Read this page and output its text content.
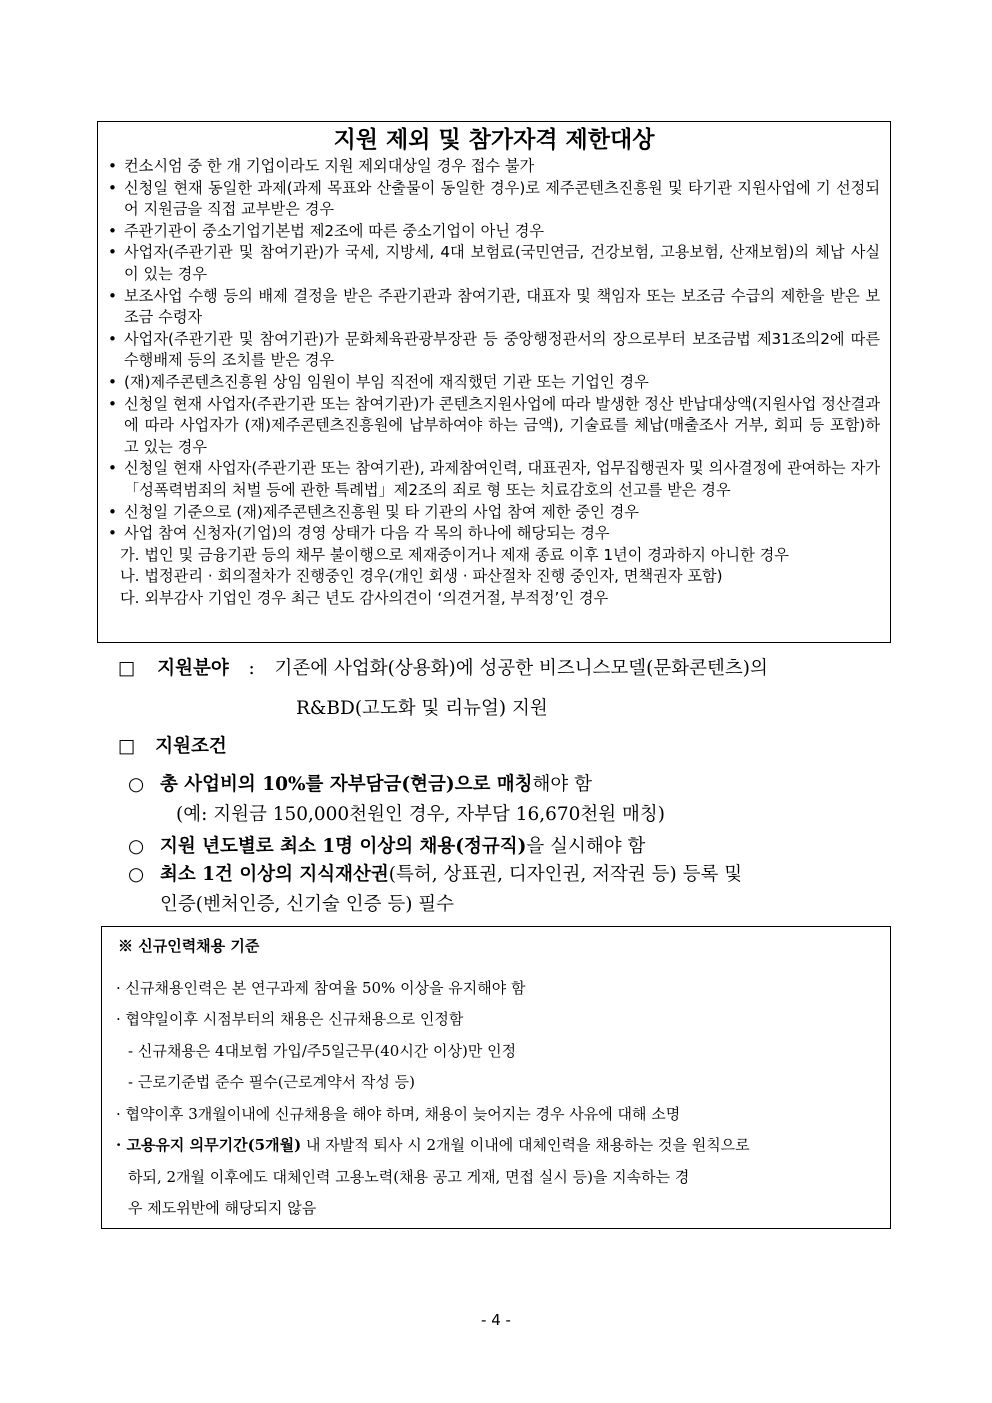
지원 제외 및 참가자격 제한대상
• 컨소시엄 중 한 개 기업이라도 지원 제외대상일 경우 접수 불가
• 신청일 현재 동일한 과제(과제 목표와 산출물이 동일한 경우)로 제주콘텐츠진흥원 및 타기관 지원사업에 기 선정되어 지원금을 직접 교부받은 경우
• 주관기관이 중소기업기본법 제2조에 따른 중소기업이 아닌 경우
• 사업자(주관기관 및 참여기관)가 국세, 지방세, 4대 보험료(국민연금, 건강보험, 고용보험, 산재보험)의 체납 사실이 있는 경우
• 보조사업 수행 등의 배제 결정을 받은 주관기관과 참여기관, 대표자 및 책임자 또는 보조금 수급의 제한을 받은 보조금 수령자
• 사업자(주관기관 및 참여기관)가 문화체육관광부장관 등 중앙행정관서의 장으로부터 보조금법 제31조의2에 따른 수행배제 등의 조치를 받은 경우
• (재)제주콘텐츠진흥원 상임 임원이 부임 직전에 재직했던 기관 또는 기업인 경우
• 신청일 현재 사업자(주관기관 또는 참여기관)가 콘텐츠지원사업에 따라 발생한 정산 반납대상액(지원사업 정산결과에 따라 사업자가 (재)제주콘텐츠진흥원에 납부하여야 하는 금액), 기술료를 체납(매출조사 거부, 회피 등 포함)하고 있는 경우
• 신청일 현재 사업자(주관기관 또는 참여기관), 과제참여인력, 대표권자, 업무집행권자 및 의사결정에 관여하는 자가 「성폭력범죄의 처벌 등에 관한 특례법」제2조의 죄로 형 또는 치료감호의 선고를 받은 경우
• 신청일 기준으로 (재)제주콘텐츠진흥원 및 타 기관의 사업 참여 제한 중인 경우
• 사업 참여 신청자(기업)의 경영 상태가 다음 각 목의 하나에 해당되는 경우
가. 법인 및 금융기관 등의 채무 불이행으로 제재중이거나 제재 종료 이후 1년이 경과하지 아니한 경우
나. 법정관리 · 회의절차가 진행중인 경우(개인 회생 · 파산절차 진행 중인자, 면책권자 포함)
다. 외부감사 기업인 경우 최근 년도 감사의견이 ‘의견거절, 부적정’인 경우
□ 지원분야 : 기존에 사업화(상용화)에 성공한 비즈니스모델(문화콘텐츠)의
R&BD(고도화 및 리뉴얼) 지원
□ 지원조건
○ 총 사업비의 10%를 자부담금(현금)으로 매칭해야 함
(예: 지원금 150,000천원인 경우, 자부담 16,670천원 매칭)
○ 지원 년도별로 최소 1명 이상의 채용(정규직)을 실시해야 함
○ 최소 1건 이상의 지식재산권(특허, 상표권, 디자인권, 저작권 등) 등록 및
인증(벤처인증, 신기술 인증 등) 필수
※ 신규인력채용 기준
· 신규채용인력은 본 연구과제 참여율 50% 이상을 유지해야 함
· 협약일이후 시점부터의 채용은 신규채용으로 인정함
- 신규채용은 4대보험 가입/주5일근무(40시간 이상)만 인정
- 근로기준법 준수 필수(근로계약서 작성 등)
· 협약이후 3개월이내에 신규채용을 해야 하며, 채용이 늦어지는 경우 사유에 대해 소명
· 고용유지 의무기간(5개월) 내 자발적 퇴사 시 2개월 이내에 대체인력을 채용하는 것을 원칙으로
하되, 2개월 이후에도 대체인력 고용노력(채용 공고 게재, 면접 실시 등)을 지속하는 경
우 제도위반에 해당되지 않음
- 4 -
